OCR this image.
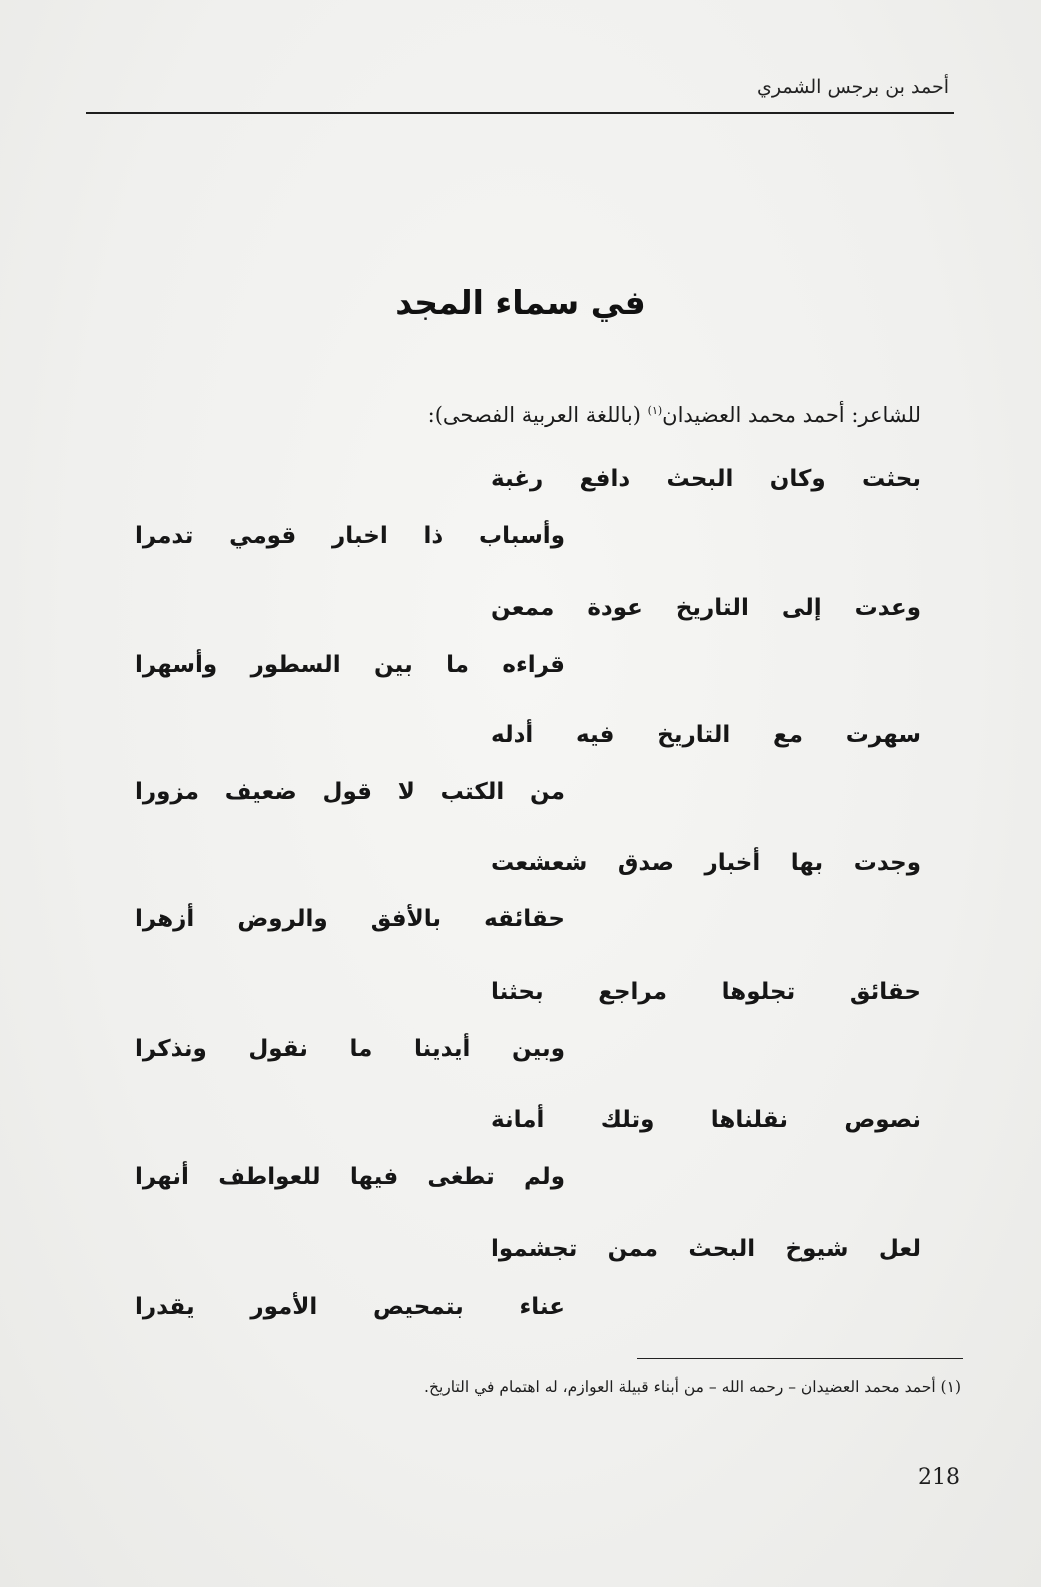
أحمد بن برجس الشمري
في سماء المجد
للشاعر: أحمد محمد العضيدان$^{(١)}$ (باللغة العربية الفصحى):
بحثت وكان البحث دافع رغبة
وأسباب ذا اخبار قومي تدمرا
وعدت إلى التاريخ عودة ممعن
قراءه ما بين السطور وأسهرا
سهرت مع التاريخ فيه أدله
من الكتب لا قول ضعيف مزورا
وجدت بها أخبار صدق شعشعت
حقائقه بالأفق والروض أزهرا
حقائق تجلوها مراجع بحثنا
وبين أيدينا ما نقول ونذكرا
نصوص نقلناها وتلك أمانة
ولم تطغى فيها للعواطف أنهرا
لعل شيوخ البحث ممن تجشموا
عناء بتمحيص الأمور يقدرا
(١) أحمد محمد العضيدان – رحمه الله – من أبناء قبيلة العوازم، له اهتمام في التاريخ.
218
